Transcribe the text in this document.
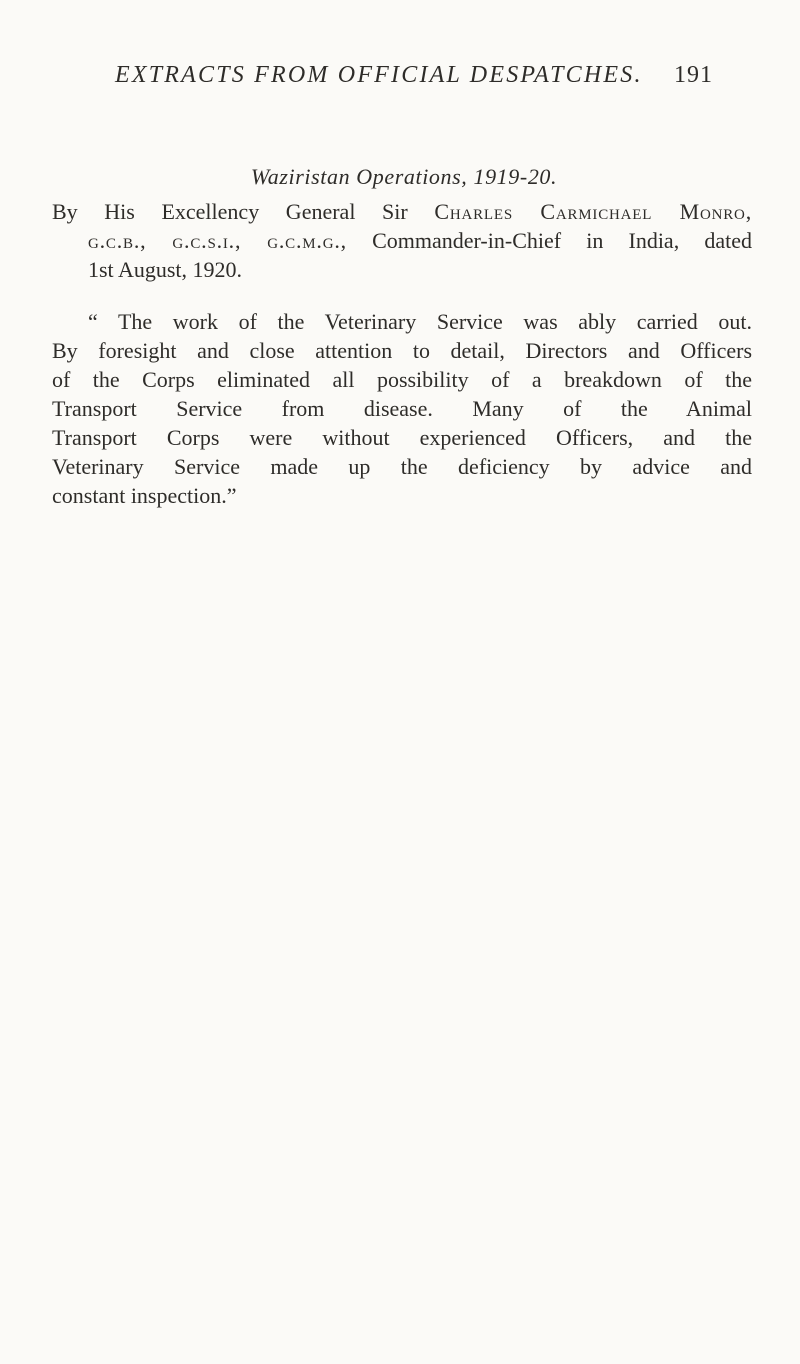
EXTRACTS FROM OFFICIAL DESPATCHES. 191
Waziristan Operations, 1919-20.
By His Excellency General Sir Charles Carmichael Monro,
g.c.b., g.c.s.i., g.c.m.g., Commander-in-Chief in India, dated
1st August, 1920.
“ The work of the Veterinary Service was ably carried out.
By foresight and close attention to detail, Directors and Officers
of the Corps eliminated all possibility of a breakdown of the
Transport Service from disease. Many of the Animal
Transport Corps were without experienced Officers, and the
Veterinary Service made up the deficiency by advice and
constant inspection.”
